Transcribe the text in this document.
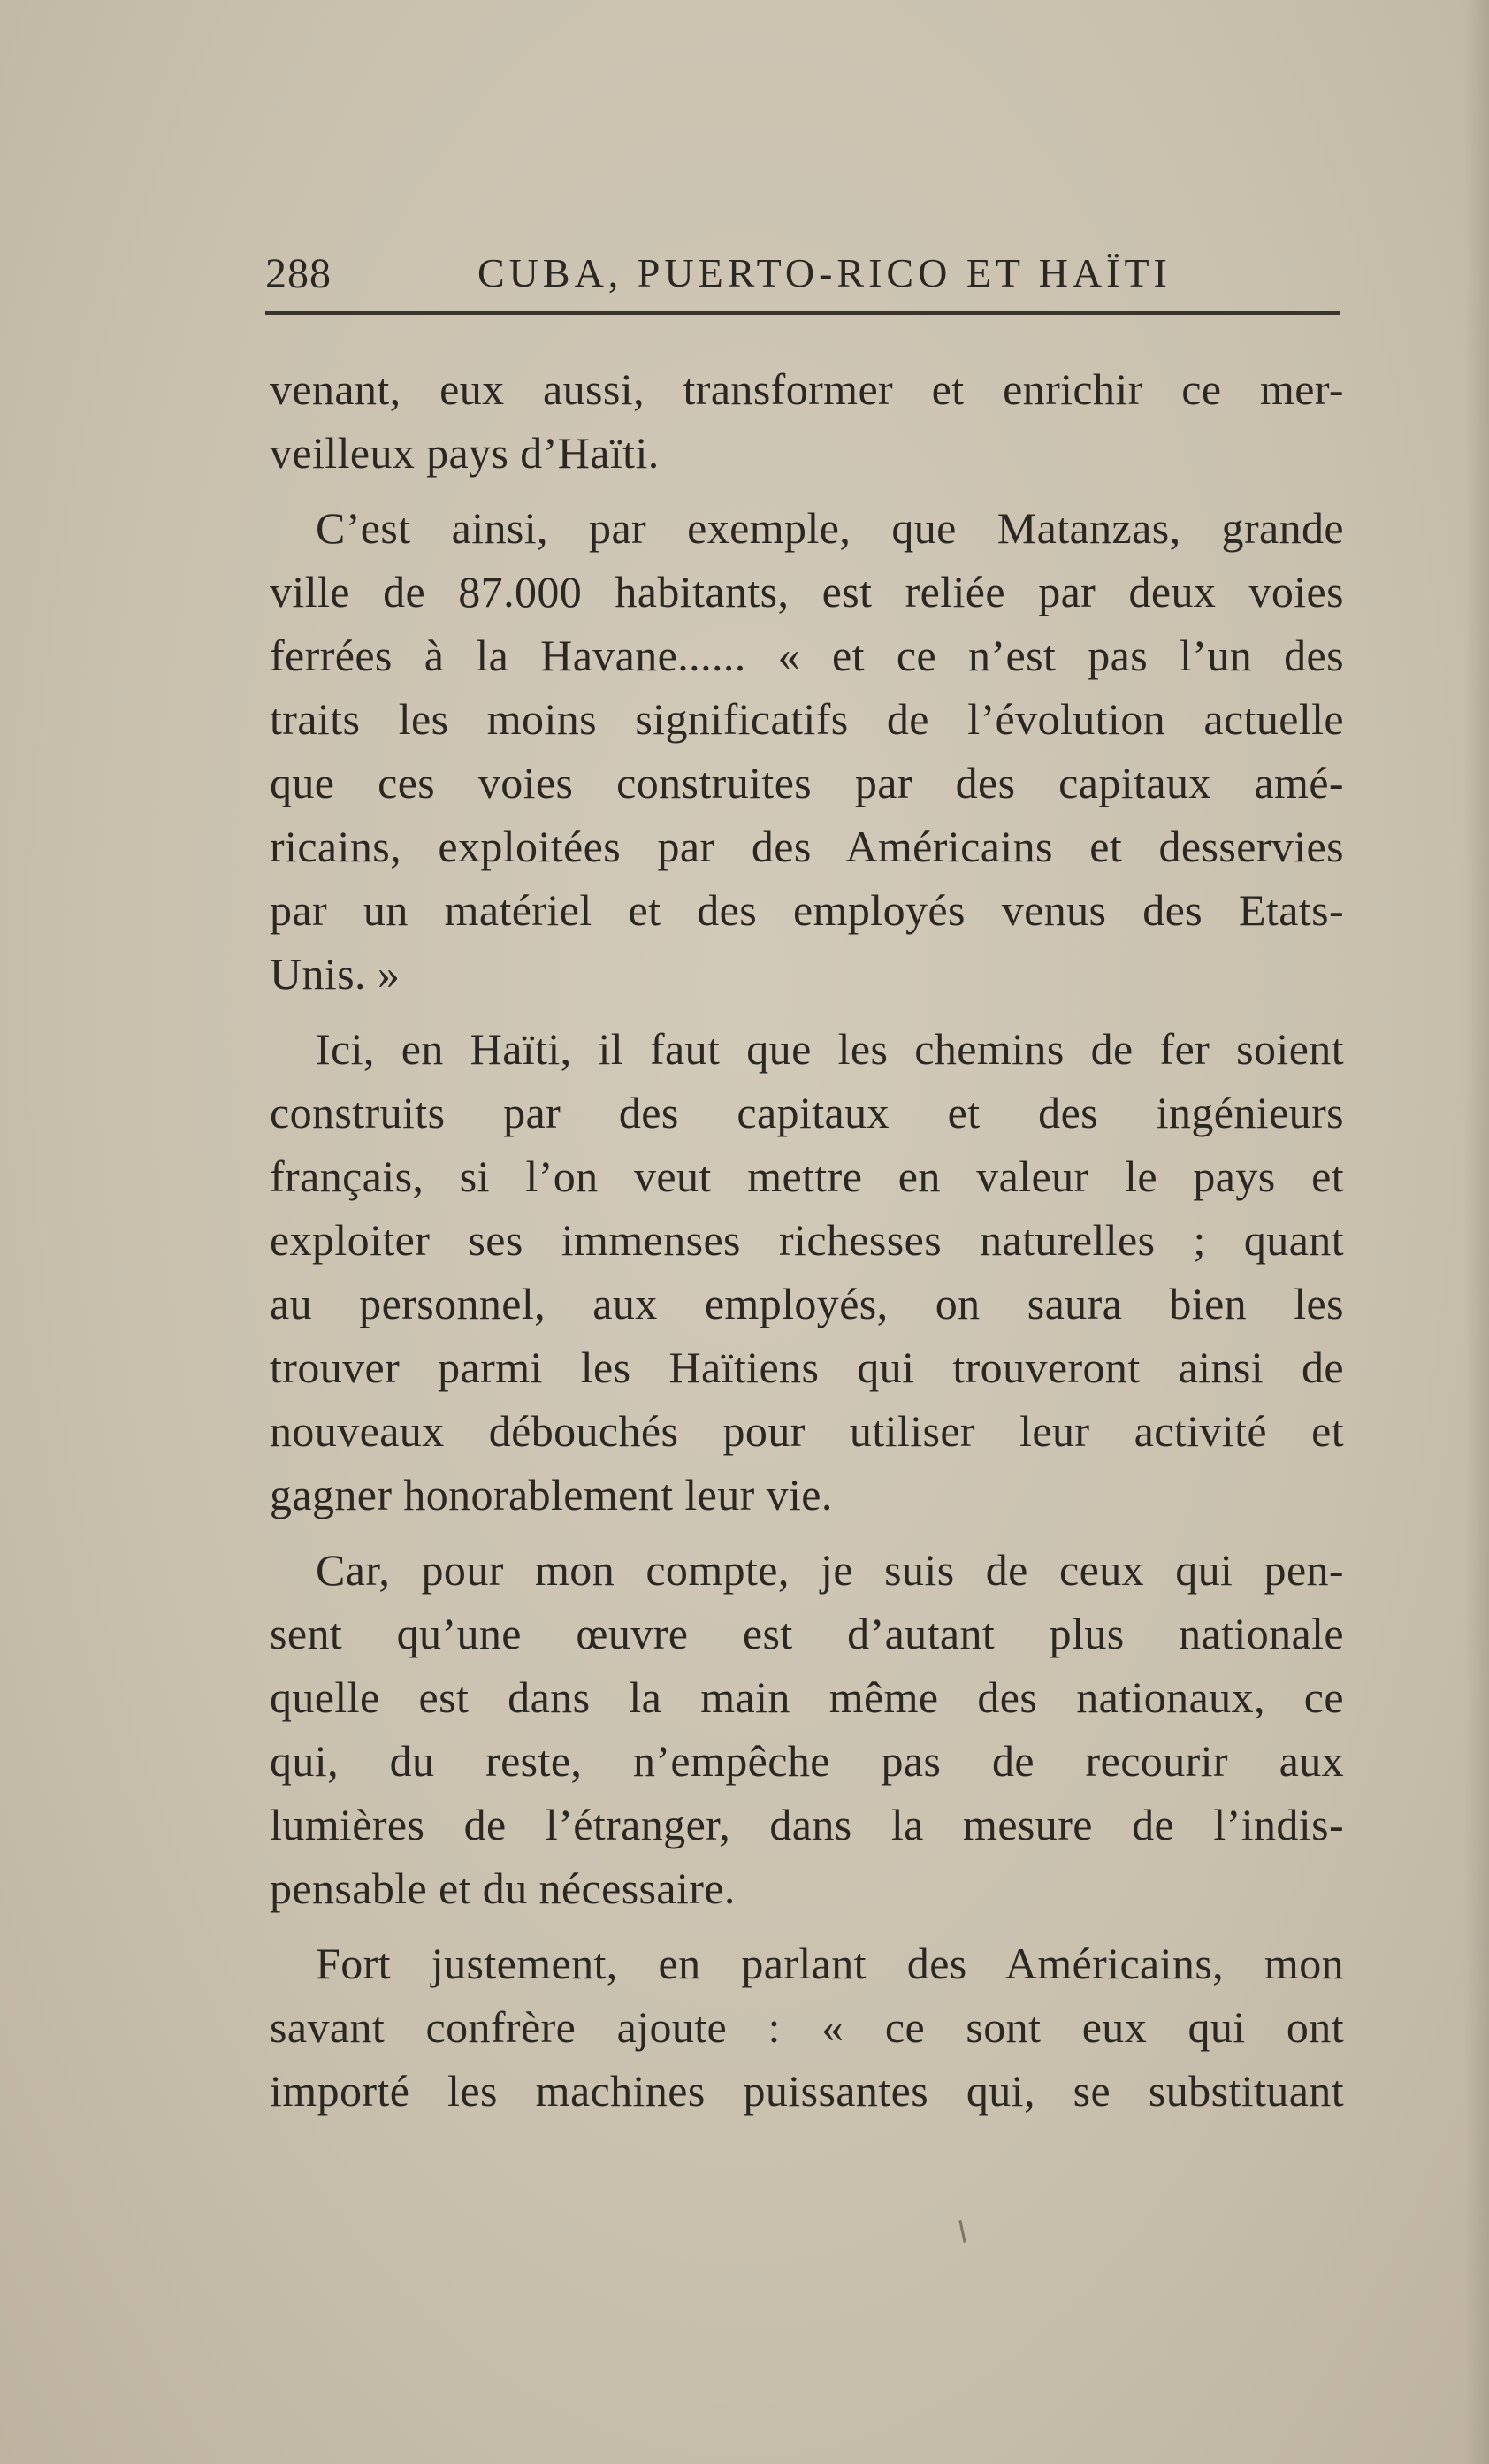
288	CUBA, PUERTO-RICO ET HAÏTI
venant, eux aussi, transformer et enrichir ce mer-
veilleux pays d’Haïti.
C’est ainsi, par exemple, que Matanzas, grande
ville de 87.000 habitants, est reliée par deux voies
ferrées à la Havane...... « et ce n’est pas l’un des
traits les moins significatifs de l’évolution actuelle
que ces voies construites par des capitaux amé-
ricains, exploitées par des Américains et desservies
par un matériel et des employés venus des Etats-
Unis. »
Ici, en Haïti, il faut que les chemins de fer soient
construits par des capitaux et des ingénieurs
français, si l’on veut mettre en valeur le pays et
exploiter ses immenses richesses naturelles ; quant
au personnel, aux employés, on saura bien les
trouver parmi les Haïtiens qui trouveront ainsi de
nouveaux débouchés pour utiliser leur activité et
gagner honorablement leur vie.
Car, pour mon compte, je suis de ceux qui pen-
sent qu’une œuvre est d’autant plus nationale
quelle est dans la main même des nationaux, ce
qui, du reste, n’empêche pas de recourir aux
lumières de l’étranger, dans la mesure de l’indis-
pensable et du nécessaire.
Fort justement, en parlant des Américains, mon
savant confrère ajoute : « ce sont eux qui ont
importé les machines puissantes qui, se substituant
